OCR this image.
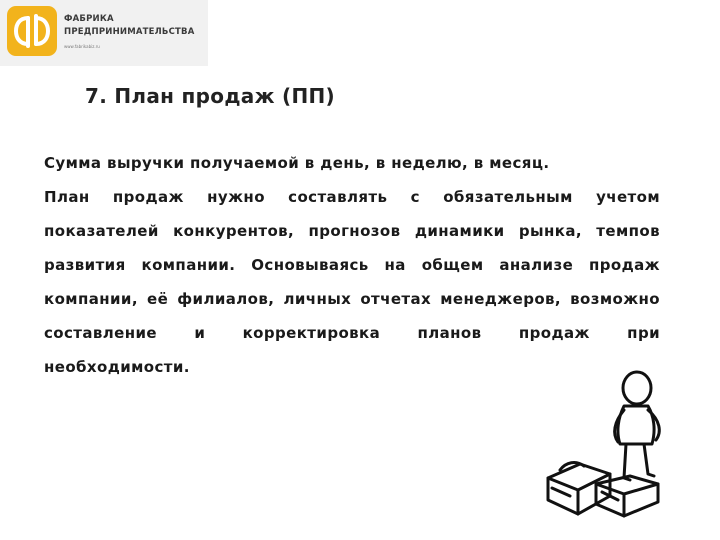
ФАБРИКА
ПРЕДПРИНИМАТЕЛЬСТВА
www.fabrikabiz.ru
7. План продаж (ПП)
Сумма выручки получаемой в день, в неделю, в месяц.
План продаж нужно составлять с обязательным учетом показателей конкурентов, прогнозов динамики рынка, темпов развития компании. Основываясь на общем анализе продаж компании, её филиалов, личных отчетах менеджеров, возможно составление и корректировка планов продаж при необходимости.
